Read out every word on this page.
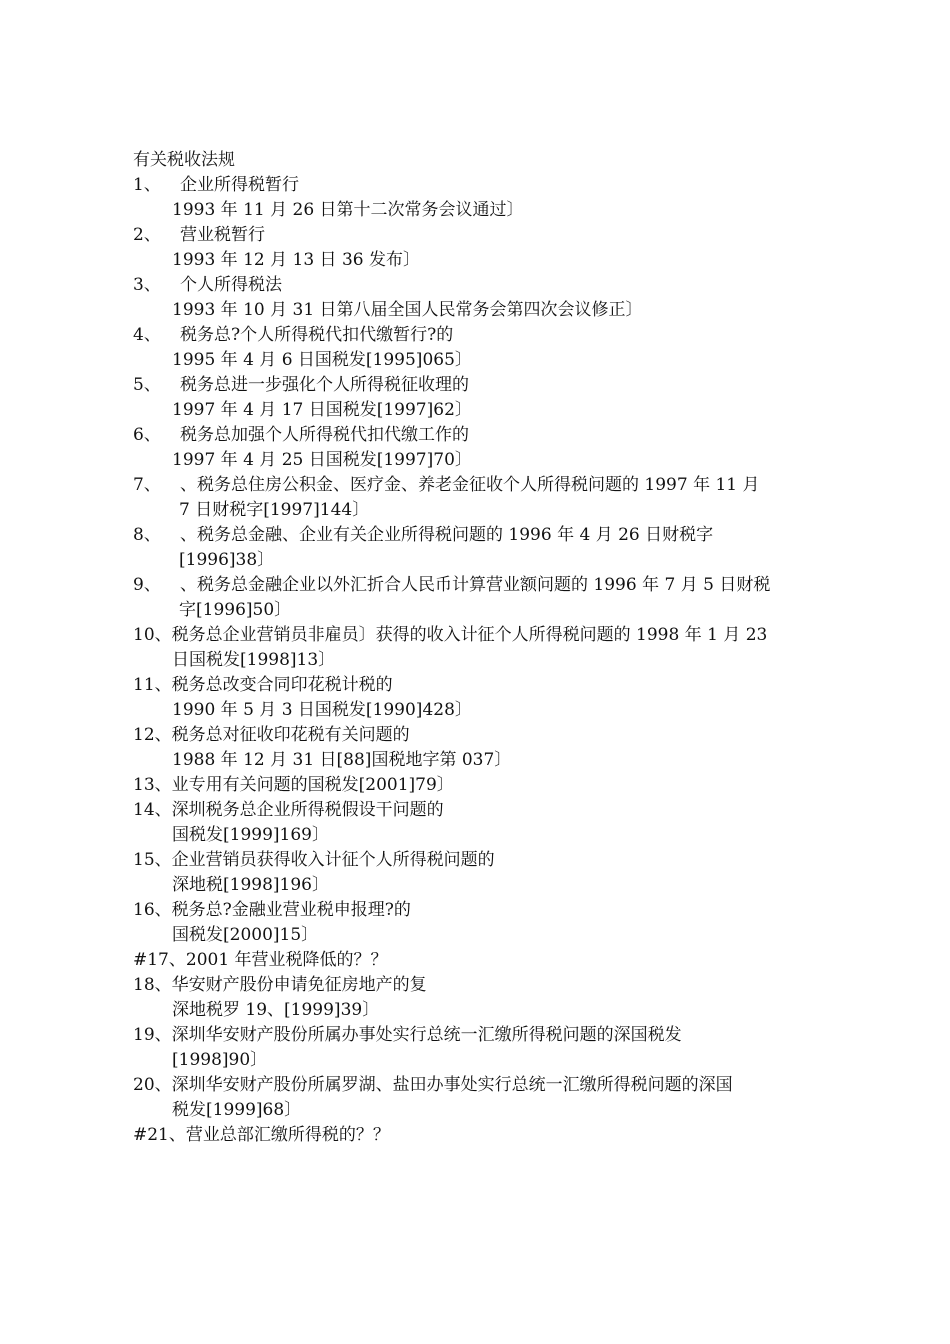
有关税收法规
1、 企业所得税暂行
1993 年 11 月 26 日第十二次常务会议通过〕
2、 营业税暂行
1993 年 12 月 13 日 36 发布〕
3、 个人所得税法
1993 年 10 月 31 日第八届全国人民常务会第四次会议修正〕
4、 税务总?个人所得税代扣代缴暂行?的
1995 年 4 月 6 日国税发[1995]065〕
5、 税务总进一步强化个人所得税征收理的
1997 年 4 月 17 日国税发[1997]62〕
6、 税务总加强个人所得税代扣代缴工作的
1997 年 4 月 25 日国税发[1997]70〕
7、 、税务总住房公积金、医疗金、养老金征收个人所得税问题的 1997 年 11 月
7 日财税字[1997]144〕
8、 、税务总金融、企业有关企业所得税问题的 1996 年 4 月 26 日财税字
[1996]38〕
9、 、税务总金融企业以外汇折合人民币计算营业额问题的 1996 年 7 月 5 日财税
字[1996]50〕
10、税务总企业营销员非雇员〕获得的收入计征个人所得税问题的 1998 年 1 月 23
日国税发[1998]13〕
11、税务总改变合同印花税计税的
1990 年 5 月 3 日国税发[1990]428〕
12、税务总对征收印花税有关问题的
1988 年 12 月 31 日[88]国税地字第 037〕
13、业专用有关问题的国税发[2001]79〕
14、深圳税务总企业所得税假设干问题的
国税发[1999]169〕
15、企业营销员获得收入计征个人所得税问题的
深地税[1998]196〕
16、税务总?金融业营业税申报理?的
国税发[2000]15〕
#17、2001 年营业税降低的？？
18、华安财产股份申请免征房地产的复
深地税罗 19、[1999]39〕
19、深圳华安财产股份所属办事处实行总统一汇缴所得税问题的深国税发
[1998]90〕
20、深圳华安财产股份所属罗湖、盐田办事处实行总统一汇缴所得税问题的深国
税发[1999]68〕
#21、营业总部汇缴所得税的？？
